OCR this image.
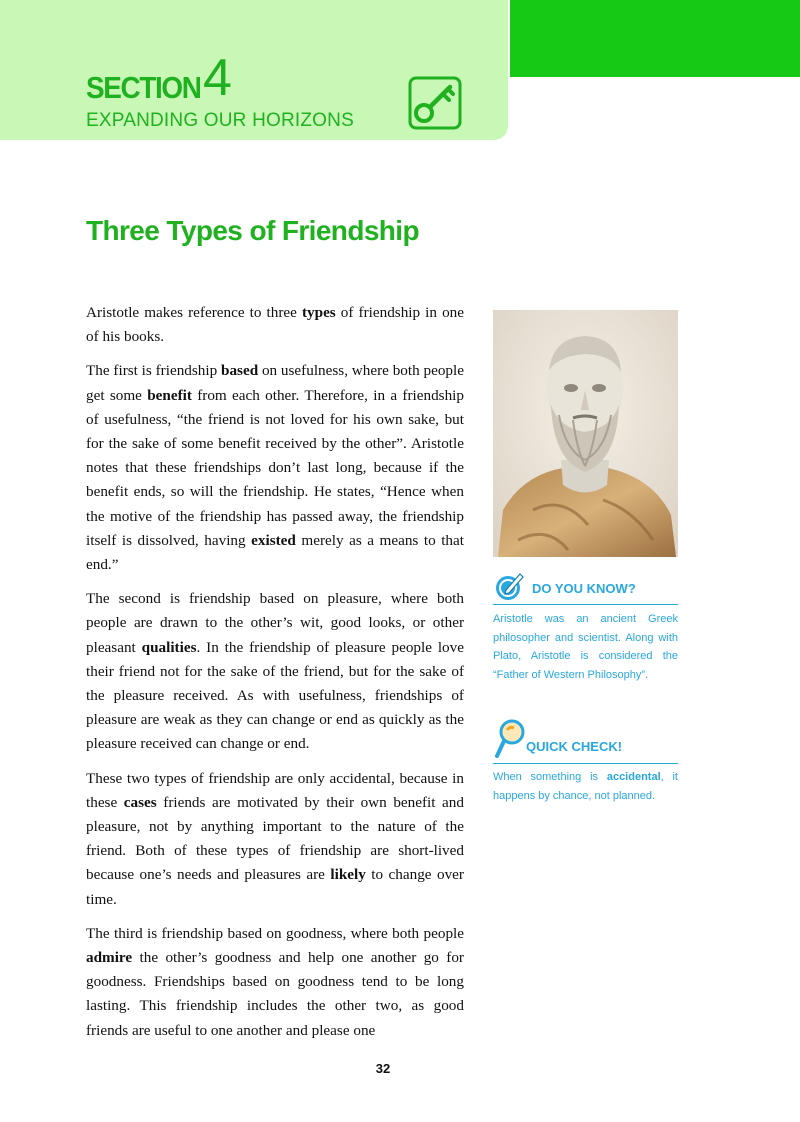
SECTION 4
EXPANDING OUR HORIZONS
Three Types of Friendship

Aristotle makes reference to three types of friendship in one of his books.

The first is friendship based on usefulness, where both people get some benefit from each other. Therefore, in a friendship of usefulness, “the friend is not loved for his own sake, but for the sake of some benefit received by the other”. Aristotle notes that these friendships don’t last long, because if the benefit ends, so will the friendship. He states, “Hence when the motive of the friendship has passed away, the friendship itself is dissolved, having existed merely as a means to that end.”

The second is friendship based on pleasure, where both people are drawn to the other’s wit, good looks, or other pleasant qualities. In the friendship of pleasure people love their friend not for the sake of the friend, but for the sake of the pleasure received. As with usefulness, friendships of pleasure are weak as they can change or end as quickly as the pleasure received can change or end.

These two types of friendship are only accidental, because in these cases friends are motivated by their own benefit and pleasure, not by anything important to the nature of the friend. Both of these types of friendship are short-lived because one’s needs and pleasures are likely to change over time.

The third is friendship based on goodness, where both people admire the other’s goodness and help one another go for goodness. Friendships based on goodness tend to be long lasting. This friendship includes the other two, as good friends are useful to one another and please one

DO YOU KNOW?
Aristotle was an ancient Greek philosopher and scientist. Along with Plato, Aristotle is considered the “Father of Western Philosophy”.
QUICK CHECK!
When something is accidental, it happens by chance, not planned.
32
